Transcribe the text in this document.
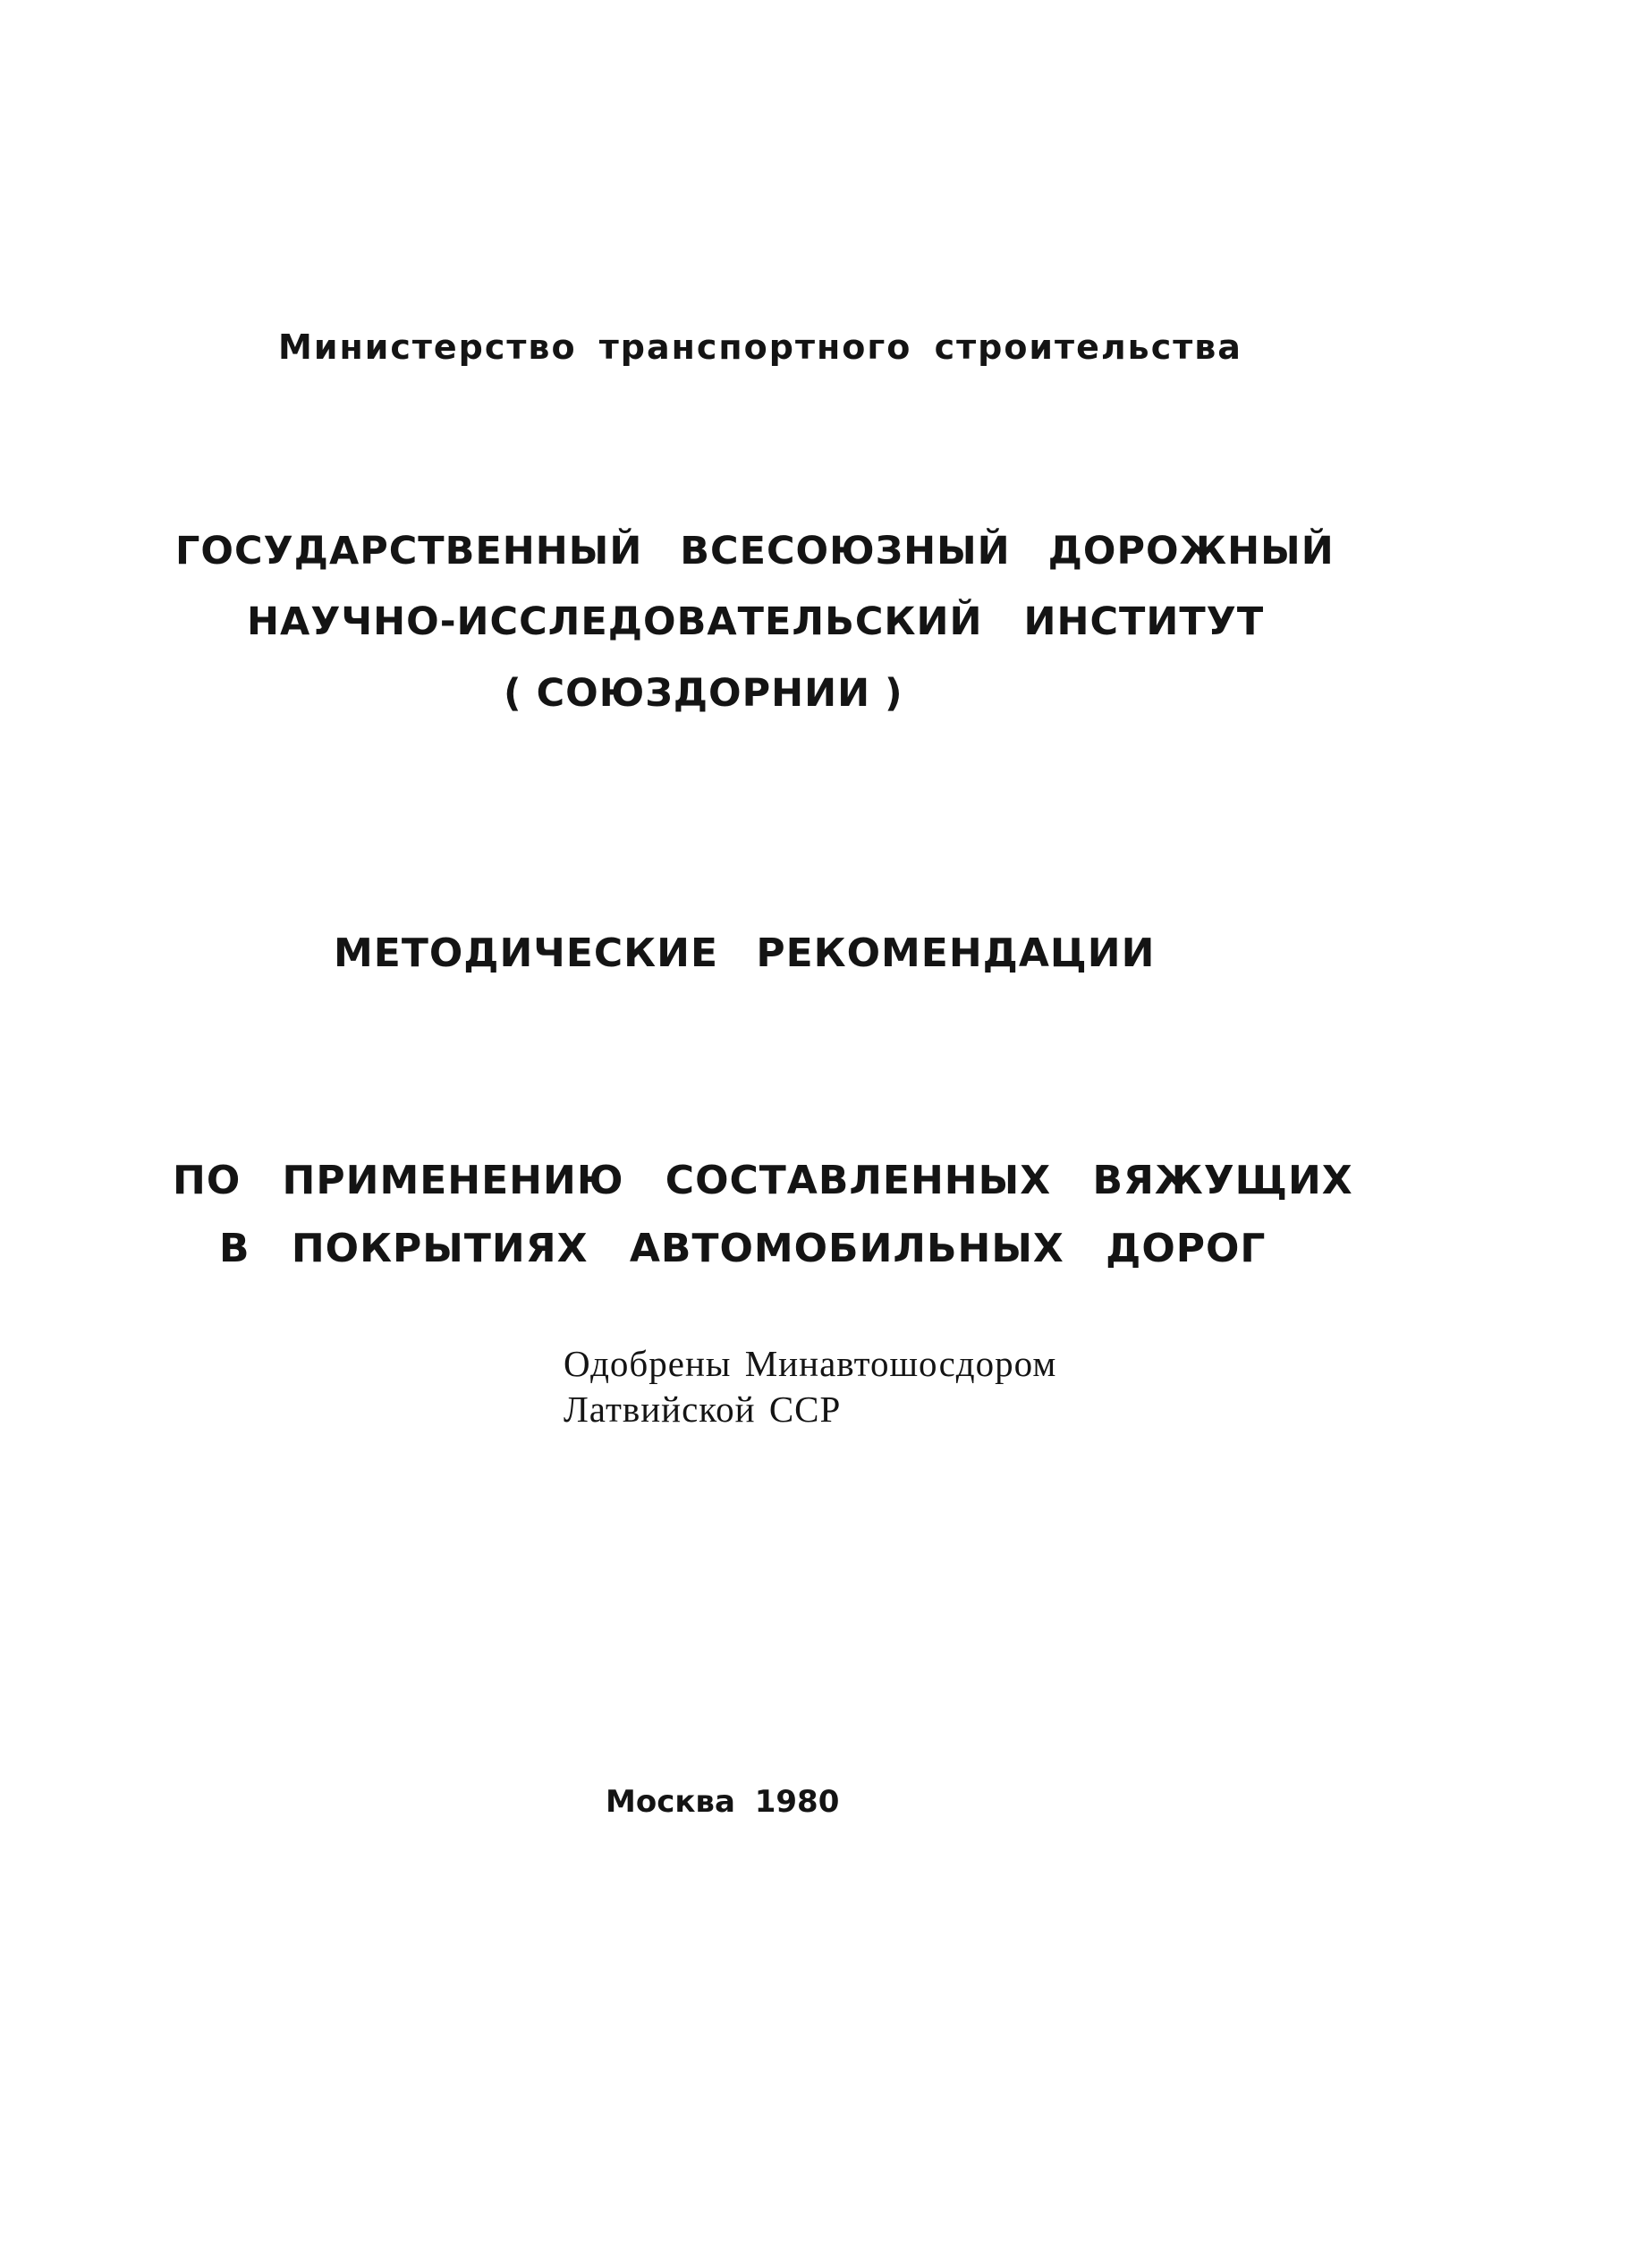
Министерство транспортного строительства
ГОСУДАРСТВЕННЫЙ ВСЕСОЮЗНЫЙ ДОРОЖНЫЙ
НАУЧНО-ИССЛЕДОВАТЕЛЬСКИЙ ИНСТИТУТ
( СОЮЗДОРНИИ )
МЕТОДИЧЕСКИЕ РЕКОМЕНДАЦИИ
ПО ПРИМЕНЕНИЮ СОСТАВЛЕННЫХ ВЯЖУЩИХ
В ПОКРЫТИЯХ АВТОМОБИЛЬНЫХ ДОРОГ
Одобрены Минавтошосдором
Латвийской ССР
Москва 1980
